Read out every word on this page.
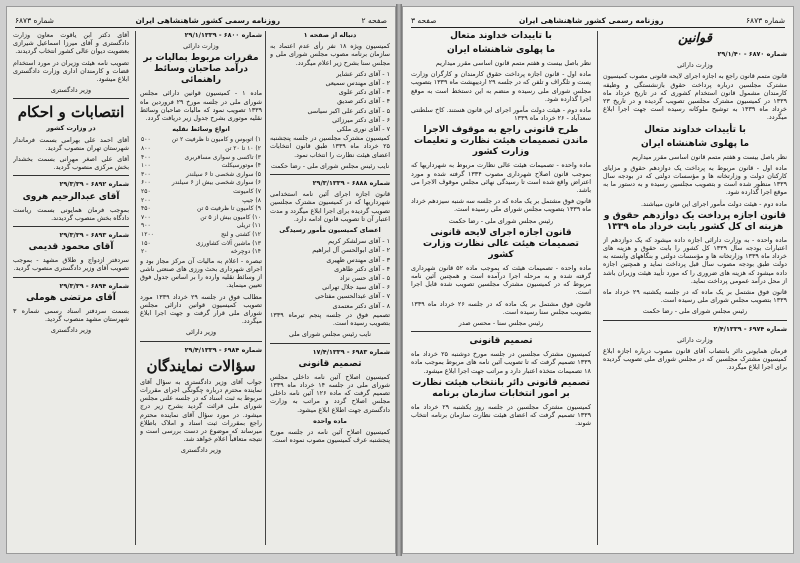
صفحه ۲
روزنامه رسمی کشور شاهنشاهی ایران
شماره ۶۸۷۳

دنباله از صفحه ۱

کمیسیون ویژه ۱۸ نفر رأی عدم اعتماد به سازمان برنامه مصوب مجلس شورای ملی و مجلس سنا بشرح زیر اعلام میگردد.

۱ - آقای دکتر عشایر
۲ - آقای مهندس سمیعی
۳ - آقای دکتر علوی
۴ - آقای دکتر صدیق
۵ - آقای دکتر علی اکبر سیاسی
۶ - آقای دکتر میرزائی
۷ - آقای نوری ملکی

کمیسیون مشترک مجلسین در جلسه پنجشنبه ۲۵ خرداد ماه ۱۳۳۹ طبق قانون انتخابات اعضای هیئت نظارت را انتخاب نمود.

نایب رئیس مجلس شورای ملی - رضا حکمت

شماره ۶۸۸۸ - ۲۹/۳/۱۳۳۹

قانون اجازه اجرای آئین نامه استخدامی شهرداریها که در کمیسیون مشترک مجلسین تصویب گردیده برای اجرا ابلاغ میگردد و مدت اعتبار آن تا تصویب قانون ادامه دارد.

اعضای کمیسیون مأمور رسیدگی

۱ - آقای سرلشکر کریم
۲ - آقای ابوالحسن آل ابراهیم
۳ - آقای مهندس ظهیری
۴ - آقای دکتر طاهری
۵ - آقای حسن نزاد
۶ - آقای سید جلال تهرانی
۷ - آقای عبدالحسین مفتاحی
۸ - آقای دکتر معتمدی

تصمیم فوق در جلسه پنجم تیرماه ۱۳۳۹ بتصویب رسیده است.

نایب رئیس مجلس شورای ملی

شماره ۶۹۸۳ - ۱۷/۴/۱۳۳۹

تصمیم قانونی

کمیسیون اصلاح آئین نامه داخلی مجلس شورای ملی در جلسه ۱۴ خرداد ماه ۱۳۳۹ تصمیم گرفت که ماده ۱۲۶ آئین نامه داخلی مجلس اصلاح گردد و مراتب به وزارت دادگستری جهت اطلاع ابلاغ میشود.

ماده واحده

کمیسیون اصلاح آئین نامه در جلسه مورخ پنجشنبه عرف کمیسیون مصوب نموده است.

شماره ۶۸۰۰ - ۲۹/۱/۱۳۳۹

وزارت دارائی

مقررات مربوط بمالیات بر درآمد صاحبان وسائط راهنمائی

ماده ۱ - کمیسیون قوانین دارائی مجلس شورای ملی در جلسه مورخ ۲۹ فروردین ماه ۱۳۳۹ تصویب نمود که مالیات صاحبان وسائط نقلیه موتوری بشرح جدول زیر دریافت گردد.

انواع وسائط نقلیه

۱) اتوبوس و کامیون تا ظرفیت ۲ تن	۵۰۰
۲) ۱۰ تا ۲۰ تن	۸۰۰
۳) تاکسی و سواری مسافربری	۴۰۰
۴) موتورسیکلت	۱۰۰
۵) سواری شخصی تا ۶ سیلندر	۳۰۰
۶) سواری شخصی بیش از ۶ سیلندر	۶۰۰
۷) کامیونت	۲۵۰
۸) جیپ	۲۰۰
۹) کامیون تا ظرفیت ۵ تن	۴۵۰
۱۰) کامیون بیش از ۵ تن	۷۰۰
۱۱) تریلی	۹۰۰
۱۲) کشتی و لنج	۱۲۰۰
۱۳) ماشین آلات کشاورزی	۱۵۰
۱۴) دوچرخه	۲۰

تبصره - اعلام به مالیات آن مرکز مجاز بود و اجرای شهرداری بحث ورزی های صنعتی ناشی از وسائط نقلیه وارده را بر اساس جدول فوق تعیین مینماید.

مطالب فوق در جلسه ۲۹ خرداد ۱۳۳۹ مورد تصویب کمیسیون قوانین دارائی مجلس شورای ملی قرار گرفت و جهت اجرا ابلاغ میگردد.

وزیر دارائی

شماره ۶۹۸۴ - ۲۹/۴/۱۳۳۹

سؤالات نمایندگان

جواب آقای وزیر دادگستری به سؤال آقای نماینده محترم درباره چگونگی اجرای مقررات مربوط به ثبت اسناد که در جلسه علنی مجلس شورای ملی قرائت گردید بشرح زیر درج میشود. در مورد سؤال آقای نماینده محترم راجع بمقررات ثبت اسناد و املاک باطلاع میرساند که موضوع در دست بررسی است و نتیجه متعاقباً اعلام خواهد شد.

وزیر دادگستری

آقای دکتر ابن یاقوت معاون وزارت دادگستری و آقای میرزا اسماعیل شیرازی بعضویت دیوان عالی کشور انتخاب گردیدند.

تصویب نامه هیئت وزیران در مورد استخدام قضات و کارمندان اداری وزارت دادگستری ابلاغ میشود.

وزیر دادگستری

انتصابات و احکام

در وزارت کشور

آقای احمد علی بهرامی بسمت فرماندار شهرستان تهران منصوب گردید.

آقای علی اصغر مهرانی بسمت بخشدار بخش مرکزی منصوب گردید.

شماره ۶۸۹۲ - ۲۹/۳/۳۹

آقای عبدالرحیم هروی

بموجب فرمان همایونی بسمت ریاست دادگاه بخش منصوب گردیدند.

شماره ۶۸۹۳ - ۲۹/۳/۳۹

آقای محمود قدیمی

سردفتر ازدواج و طلاق مشهد - بموجب تصویب آقای وزیر دادگستری منصوب گردید.

شماره ۶۸۹۴ - ۲۹/۳/۳۹

آقای مرتضی هوملی

بسمت سردفتر اسناد رسمی شماره ۳ شهرستان مشهد منصوب گردید.

وزیر دادگستری

شماره ۶۸۷۳
روزنامه رسمی کشور شاهنشاهی ایران
صفحه ۳

قوانین

شماره ۶۸۷۰ - ۲۹/۱/۴۰

وزارت دارائی

قانون متمم قانون راجع به اجازه اجرای لایحه قانونی مصوب کمیسیون مشترک مجلسین درباره پرداخت حقوق بازنشستگی و وظیفه کارمندان مشمول قانون استخدام کشوری که در تاریخ خرداد ماه ۱۳۳۹ در کمیسیون مشترک مجلسین تصویب گردیده و در تاریخ ۲۳ خرداد ماه ۱۳۳۹ به توشیح ملوکانه رسیده است جهت اجرا ابلاغ میگردد.

با تأییدات خداوند متعال

ما پهلوی شاهنشاه ایران

نظر باصل بیست و هفتم متمم قانون اساسی مقرر میداریم

ماده اول - قانون مربوط به پرداخت یک دوازدهم حقوق و مزایای کارکنان دولت و وزارتخانه ها و مؤسسات دولتی که در بودجه سال ۱۳۳۹ منظور شده است و بتصویب مجلسین رسیده و به دستور ما به موقع اجرا گذارده شود.

ماده دوم - هیئت دولت مأمور اجرای این قانون میباشند.

قانون اجازه پرداخت یک دوازدهم حقوق و هزینه ای کل کشور بابت خرداد ماه ۱۳۳۹

ماده واحده - به وزارت دارائی اجازه داده میشود که یک دوازدهم از اعتبارات بودجه سال ۱۳۳۹ کل کشور را بابت حقوق و هزینه های خرداد ماه ۱۳۳۹ وزارتخانه ها و مؤسسات دولتی و بنگاههای وابسته به دولت طبق بودجه مصوب سال قبل پرداخت نماید و همچنین اجازه داده میشود که هزینه های ضروری را که مورد تأیید هیئت وزیران باشد از محل درآمد عمومی پرداخت نماید.

قانون فوق مشتمل بر یک ماده که در جلسه یکشنبه ۲۹ خرداد ماه ۱۳۳۹ بتصویب مجلس شورای ملی رسیده است.

رئیس مجلس شورای ملی - رضا حکمت

شماره ۶۹۷۴ - ۲/۴/۱۳۳۹

وزارت دارائی

فرمان همایونی دائر بانتصاب آقای قانون مصوب درباره اجازه ابلاغ کمیسیون مشترک مجلسین که در مجلس شورای ملی تصویب گردیده برای اجرا ابلاغ میگردد.

با تأییدات خداوند متعال

ما پهلوی شاهنشاه ایران

نظر باصل بیست و هفتم متمم قانون اساسی مقرر میداریم

ماده اول - قانون اجازه پرداخت حقوق کارمندان و کارگران وزارت پست و تلگراف و تلفن که در جلسه ۲۹ اردیبهشت ماه ۱۳۳۹ بتصویب مجلس شورای ملی رسیده و منضم به این دستخط است به موقع اجرا گذارده شود.

ماده دوم - هیئت دولت مأمور اجرای این قانون هستند. کاخ سلطنتی سعدآباد - ۲۶ خرداد ماه ۱۳۳۹

طرح قانونی راجع به موقوف الاجرا ماندن تصمیمات هیئت نظارت و تعلیمات وزارت کشور

ماده واحده - تصمیمات هیئت عالی نظارت مربوط به شهرداریها که بموجب قانون اصلاح شهرداری مصوب ۱۳۳۴ گرفته شده و مورد اعتراض واقع شده است تا رسیدگی نهائی مجلس موقوف الاجرا می باشد.

قانون فوق مشتمل بر یک ماده که در جلسه سه شنبه سیزدهم خرداد ماه ۱۳۳۹ بتصویب مجلس شورای ملی رسیده است.

رئیس مجلس شورای ملی - رضا حکمت

قانون اجازه اجرای لایحه قانونی تصمیمات هیئت عالی نظارت وزارت کشور

ماده واحده - تصمیمات هیئت که بموجب ماده ۵۲ قانون شهرداری گرفته شده و به مرحله اجرا درآمده است و همچنین آئین نامه مربوط که در کمیسیون مشترک مجلسین تصویب شده قابل اجرا است.

قانون فوق مشتمل بر یک ماده که در جلسه ۲۶ خرداد ماه ۱۳۳۹ بتصویب مجلس سنا رسیده است.

رئیس مجلس سنا - محسن صدر

تصمیم قانونی

کمیسیون مشترک مجلسین در جلسه مورخ دوشنبه ۲۵ خرداد ماه ۱۳۳۹ تصمیم گرفت که تا تصویب آئین نامه های مربوط بموجب ماده ۱۸ تصمیمات متخذه اعتبار دارد و مراتب جهت اجرا ابلاغ میشود.

تصمیم قانونی دائر بانتخاب هیئت نظارت بر امور انتخابات سازمان برنامه

کمیسیون مشترک مجلسین در جلسه روز یکشنبه ۲۹ خرداد ماه ۱۳۳۹ تصمیم گرفت که اعضای هیئت نظارت سازمان برنامه انتخاب شوند.
